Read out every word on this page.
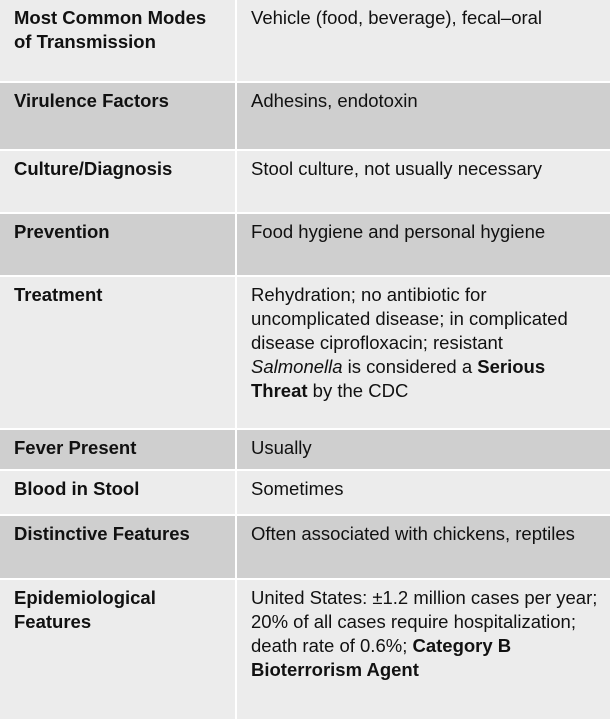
Most Common Modes of Transmission	Vehicle (food, beverage), fecal–oral
Virulence Factors	Adhesins, endotoxin
Culture/Diagnosis	Stool culture, not usually necessary
Prevention	Food hygiene and personal hygiene
Treatment	Rehydration; no antibiotic for uncomplicated disease; in complicated disease ciprofloxacin; resistant Salmonella is considered a Serious Threat by the CDC
Fever Present	Usually
Blood in Stool	Sometimes
Distinctive Features	Often associated with chickens, reptiles
Epidemiological Features	United States: ±1.2 million cases per year; 20% of all cases require hospitalization; death rate of 0.6%; Category B Bioterrorism Agent
